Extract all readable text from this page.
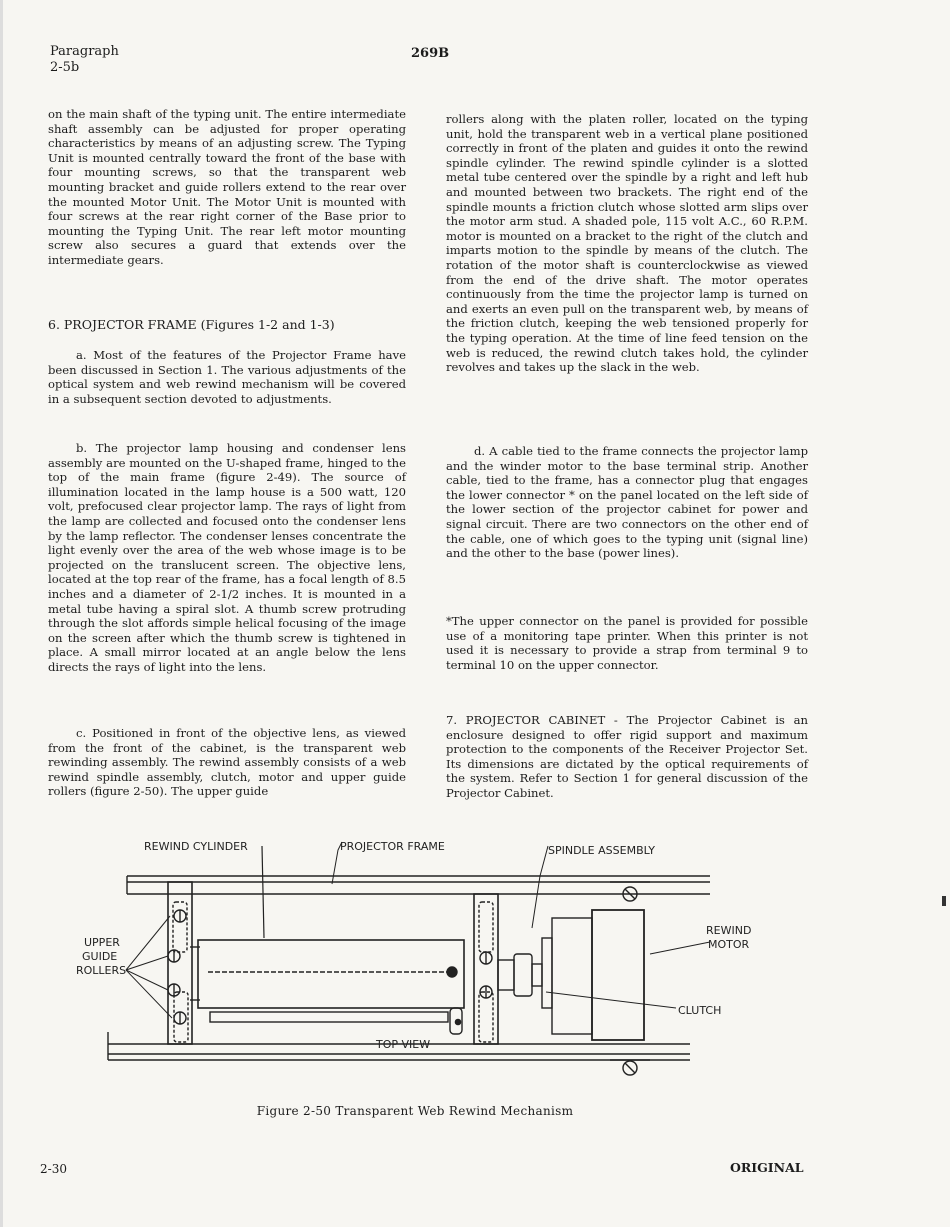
Paragraph
2-5b
269B

on the main shaft of the typing unit. The entire intermediate shaft assembly can be adjusted for proper operating characteristics by means of an adjusting screw. The Typing Unit is mounted centrally toward the front of the base with four mounting screws, so that the transparent web mounting bracket and guide rollers extend to the rear over the mounted Motor Unit. The Motor Unit is mounted with four screws at the rear right corner of the Base prior to mounting the Typing Unit. The rear left motor mounting screw also secures a guard that extends over the intermediate gears.

6. PROJECTOR FRAME (Figures 1-2 and 1-3)

a. Most of the features of the Projector Frame have been discussed in Section 1. The various adjustments of the optical system and web rewind mechanism will be covered in a subsequent section devoted to adjustments.

b. The projector lamp housing and condenser lens assembly are mounted on the U-shaped frame, hinged to the top of the main frame (figure 2-49). The source of illumination located in the lamp house is a 500 watt, 120 volt, prefocused clear projector lamp. The rays of light from the lamp are collected and focused onto the condenser lens by the lamp reflector. The condenser lenses concentrate the light evenly over the area of the web whose image is to be projected on the translucent screen. The objective lens, located at the top rear of the frame, has a focal length of 8.5 inches and a diameter of 2-1/2 inches. It is mounted in a metal tube having a spiral slot. A thumb screw protruding through the slot affords simple helical focusing of the image on the screen after which the thumb screw is tightened in place. A small mirror located at an angle below the lens directs the rays of light into the lens.

c. Positioned in front of the objective lens, as viewed from the front of the cabinet, is the transparent web rewinding assembly. The rewind assembly consists of a web rewind spindle assembly, clutch, motor and upper guide rollers (figure 2-50). The upper guide

rollers along with the platen roller, located on the typing unit, hold the transparent web in a vertical plane positioned correctly in front of the platen and guides it onto the rewind spindle cylinder. The rewind spindle cylinder is a slotted metal tube centered over the spindle by a right and left hub and mounted between two brackets. The right end of the spindle mounts a friction clutch whose slotted arm slips over the motor arm stud. A shaded pole, 115 volt A.C., 60 R.P.M. motor is mounted on a bracket to the right of the clutch and imparts motion to the spindle by means of the clutch. The rotation of the motor shaft is counterclockwise as viewed from the end of the drive shaft. The motor operates continuously from the time the projector lamp is turned on and exerts an even pull on the transparent web, by means of the friction clutch, keeping the web tensioned properly for the typing operation. At the time of line feed tension on the web is reduced, the rewind clutch takes hold, the cylinder revolves and takes up the slack in the web.

d. A cable tied to the frame connects the projector lamp and the winder motor to the base terminal strip. Another cable, tied to the frame, has a connector plug that engages the lower connector * on the panel located on the left side of the lower section of the projector cabinet for power and signal circuit. There are two connectors on the other end of the cable, one of which goes to the typing unit (signal line) and the other to the base (power lines).

*The upper connector on the panel is provided for possible use of a monitoring tape printer. When this printer is not used it is necessary to provide a strap from terminal 9 to terminal 10 on the upper connector.

7. PROJECTOR CABINET - The Projector Cabinet is an enclosure designed to offer rigid support and maximum protection to the components of the Receiver Projector Set. Its dimensions are dictated by the optical requirements of the system. Refer to Section 1 for general discussion of the Projector Cabinet.

REWIND CYLINDER	PROJECTOR FRAME	SPINDLE ASSEMBLY
UPPER
GUIDE
ROLLERS
REWIND
MOTOR
CLUTCH
TOP VIEW
Figure 2-50 Transparent Web Rewind Mechanism
2-30	ORIGINAL
